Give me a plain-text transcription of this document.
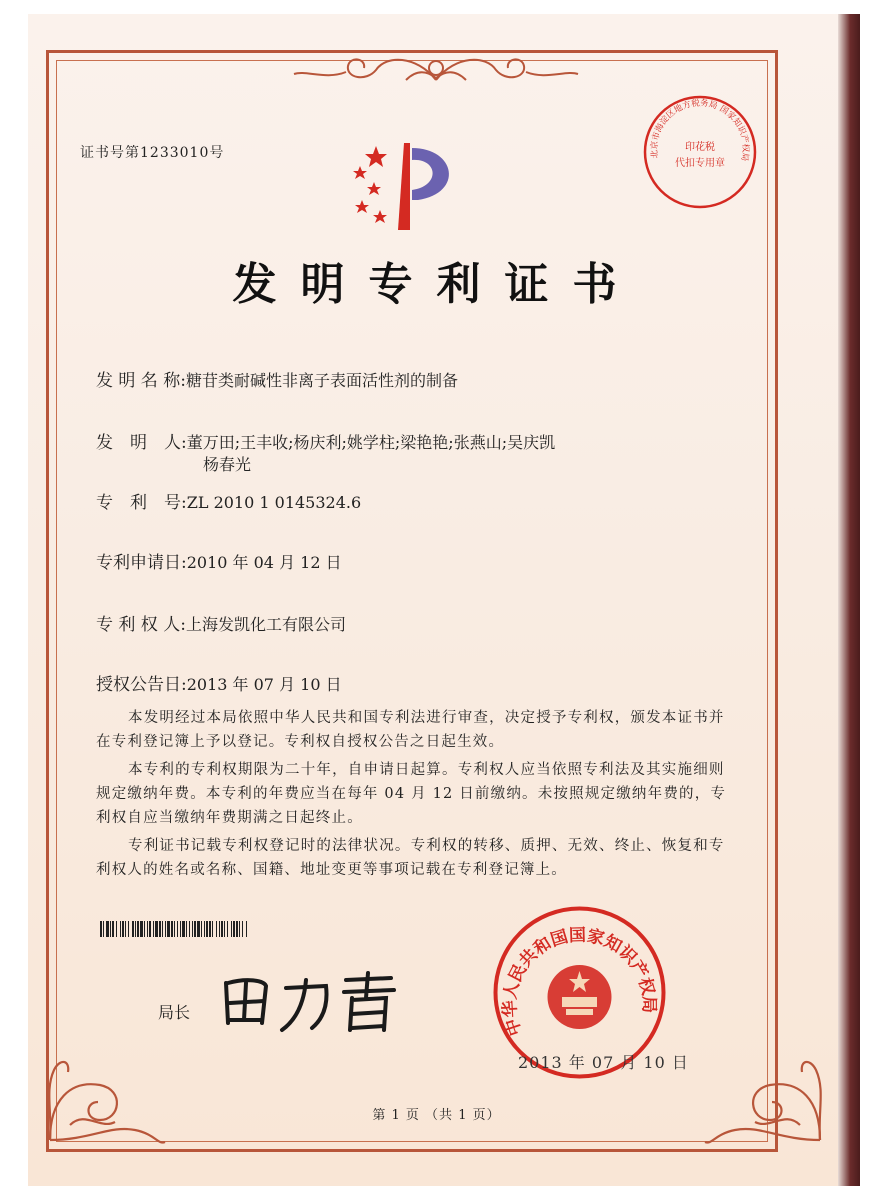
证书号第1233010号	北京市海淀区地方税务局 国家知识产权局
印花税
代扣专用章
发明专利证书
发 明 名 称:糖苷类耐碱性非离子表面活性剂的制备
发　明　人:董万田;王丰收;杨庆利;姚学柱;梁艳艳;张燕山;吴庆凯
杨春光
专　利　号:ZL 2010 1 0145324.6
专利申请日:2010 年 04 月 12 日
专 利 权 人:上海发凯化工有限公司
授权公告日:2013 年 07 月 10 日
本发明经过本局依照中华人民共和国专利法进行审查，决定授予专利权，颁发本证书并在专利登记簿上予以登记。专利权自授权公告之日起生效。
本专利的专利权期限为二十年，自申请日起算。专利权人应当依照专利法及其实施细则规定缴纳年费。本专利的年费应当在每年 04 月 12 日前缴纳。未按照规定缴纳年费的，专利权自应当缴纳年费期满之日起终止。
专利证书记载专利权登记时的法律状况。专利权的转移、质押、无效、终止、恢复和专利权人的姓名或名称、国籍、地址变更等事项记载在专利登记簿上。
局长
中华人民共和国国家知识产权局
2013 年 07 月 10 日
第 1 页 （共 1 页）
